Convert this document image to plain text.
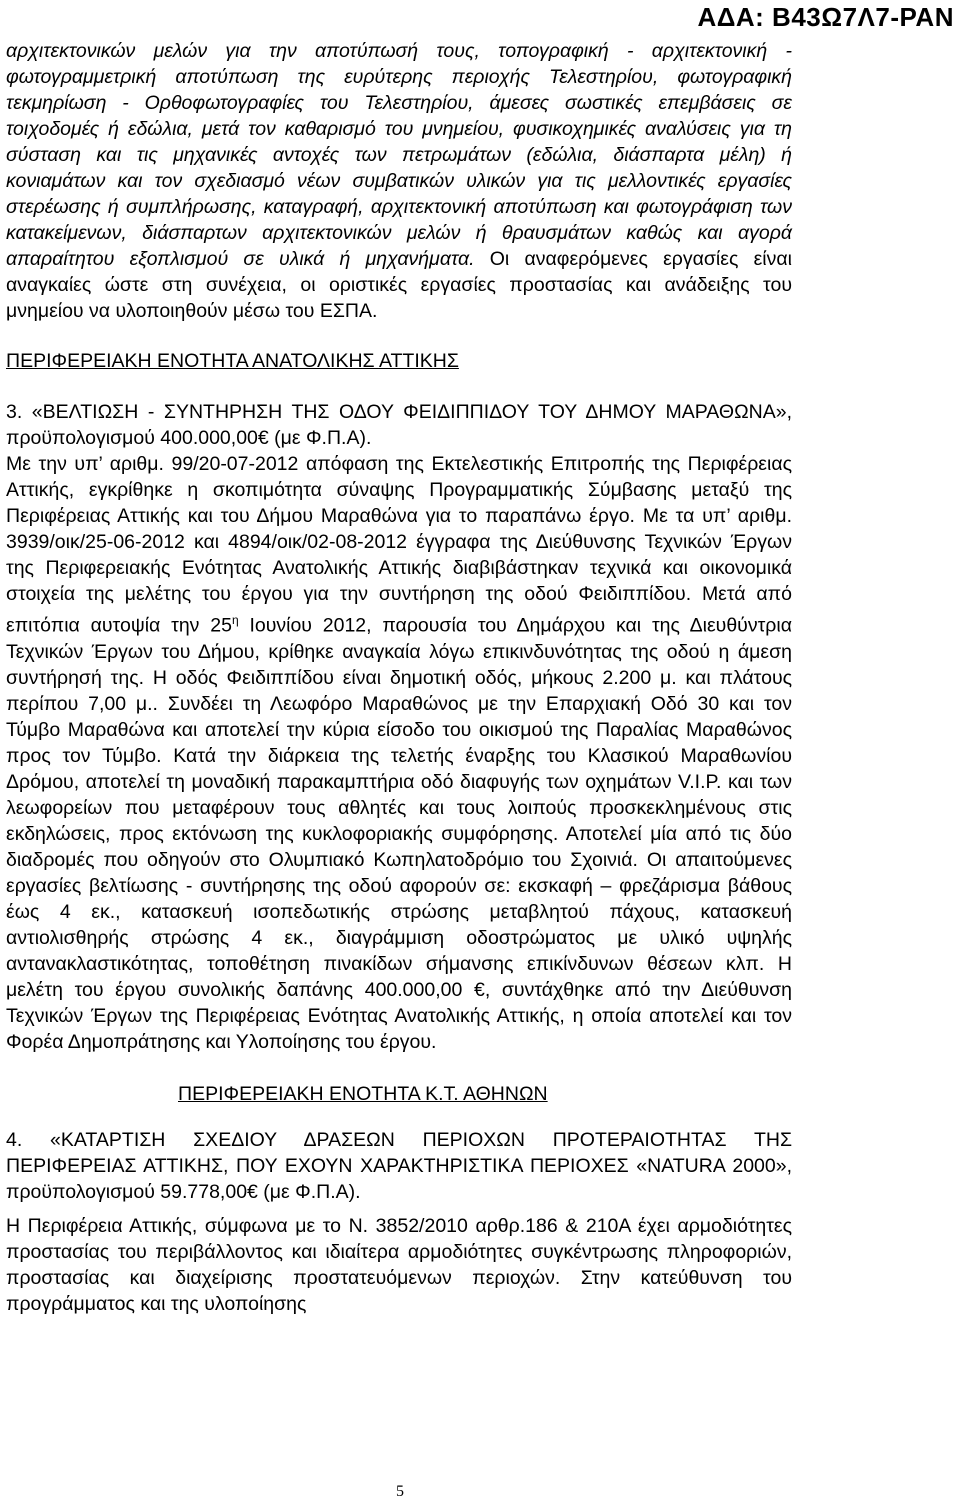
ΑΔΑ: Β43Ω7Λ7-ΡΑΝ

αρχιτεκτονικών μελών για την αποτύπωσή τους, τοπογραφική - αρχιτεκτονική - φωτογραμμετρική αποτύπωση της ευρύτερης περιοχής Τελεστηρίου, φωτογραφική τεκμηρίωση - Ορθοφωτογραφίες του Τελεστηρίου, άμεσες σωστικές επεμβάσεις σε τοιχοδομές ή εδώλια, μετά τον καθαρισμό του μνημείου, φυσικοχημικές αναλύσεις για τη σύσταση και τις μηχανικές αντοχές των πετρωμάτων (εδώλια, διάσπαρτα μέλη) ή κονιαμάτων και τον σχεδιασμό νέων συμβατικών υλικών για τις μελλοντικές εργασίες στερέωσης ή συμπλήρωσης, καταγραφή, αρχιτεκτονική αποτύπωση και φωτογράφιση των κατακείμενων, διάσπαρτων αρχιτεκτονικών μελών ή θραυσμάτων καθώς και αγορά απαραίτητου εξοπλισμού σε υλικά ή μηχανήματα. Οι αναφερόμενες εργασίες είναι αναγκαίες ώστε στη συνέχεια, οι οριστικές εργασίες προστασίας και ανάδειξης του μνημείου να υλοποιηθούν μέσω του ΕΣΠΑ.

ΠΕΡΙΦΕΡΕΙΑΚΗ ΕΝΟΤΗΤΑ ΑΝΑΤΟΛΙΚΗΣ ΑΤΤΙΚΗΣ

3. «ΒΕΛΤΙΩΣΗ - ΣΥΝΤΗΡΗΣΗ ΤΗΣ ΟΔΟΥ ΦΕΙΔΙΠΠΙΔΟΥ ΤΟΥ ΔΗΜΟΥ ΜΑΡΑΘΩΝΑ», προϋπολογισμού 400.000,00€ (με Φ.Π.Α).

Με την υπ’ αριθμ. 99/20-07-2012 απόφαση της Εκτελεστικής Επιτροπής της Περιφέρειας Αττικής, εγκρίθηκε η σκοπιμότητα σύναψης Προγραμματικής Σύμβασης μεταξύ της Περιφέρειας Αττικής και του Δήμου Μαραθώνα για το παραπάνω έργο. Με τα υπ’ αριθμ. 3939/οικ/25-06-2012 και 4894/οικ/02-08-2012 έγγραφα της Διεύθυνσης Τεχνικών Έργων της Περιφερειακής Ενότητας Ανατολικής Αττικής διαβιβάστηκαν τεχνικά και οικονομικά στοιχεία της μελέτης του έργου για την συντήρηση της οδού Φειδιππίδου. Μετά από επιτόπια αυτοψία την $25^\eta$ Ιουνίου 2012, παρουσία του Δημάρχου και της Διευθύντρια Τεχνικών Έργων του Δήμου, κρίθηκε αναγκαία λόγω επικινδυνότητας της οδού η άμεση συντήρησή της. Η οδός Φειδιππίδου είναι δημοτική οδός, μήκους 2.200 μ. και πλάτους περίπου 7,00 μ.. Συνδέει τη Λεωφόρο Μαραθώνος με την Επαρχιακή Οδό 30 και τον Τύμβο Μαραθώνα και αποτελεί την κύρια είσοδο του οικισμού της Παραλίας Μαραθώνος προς τον Τύμβο. Κατά την διάρκεια της τελετής έναρξης του Κλασικού Μαραθωνίου Δρόμου, αποτελεί τη μοναδική παρακαμπτήρια οδό διαφυγής των οχημάτων V.I.P. και των λεωφορείων που μεταφέρουν τους αθλητές και τους λοιπούς προσκεκλημένους στις εκδηλώσεις, προς εκτόνωση της κυκλοφοριακής συμφόρησης. Αποτελεί μία από τις δύο διαδρομές που οδηγούν στο Ολυμπιακό Κωπηλατοδρόμιο του Σχοινιά. Οι απαιτούμενες εργασίες βελτίωσης - συντήρησης της οδού αφορούν σε: εκσκαφή – φρεζάρισμα βάθους έως 4 εκ., κατασκευή ισοπεδωτικής στρώσης μεταβλητού πάχους, κατασκευή αντιολισθηρής στρώσης 4 εκ., διαγράμμιση οδοστρώματος με υλικό υψηλής αντανακλαστικότητας, τοποθέτηση πινακίδων σήμανσης επικίνδυνων θέσεων κλπ. Η μελέτη του έργου συνολικής δαπάνης 400.000,00 €, συντάχθηκε από την Διεύθυνση Τεχνικών Έργων της Περιφέρειας Ενότητας Ανατολικής Αττικής, η οποία αποτελεί και τον Φορέα Δημοπράτησης και Υλοποίησης του έργου.

ΠΕΡΙΦΕΡΕΙΑΚΗ ΕΝΟΤΗΤΑ Κ.Τ. ΑΘΗΝΩΝ

4. «ΚΑΤΑΡΤΙΣΗ ΣΧΕΔΙΟΥ ΔΡΑΣΕΩΝ ΠΕΡΙΟΧΩΝ ΠΡΟΤΕΡΑΙΟΤΗΤΑΣ ΤΗΣ ΠΕΡΙΦΕΡΕΙΑΣ ΑΤΤΙΚΗΣ, ΠΟΥ ΕΧΟΥΝ ΧΑΡΑΚΤΗΡΙΣΤΙΚΑ ΠΕΡΙΟΧΕΣ «NATURA 2000», προϋπολογισμού 59.778,00€ (με Φ.Π.Α).

Η Περιφέρεια Αττικής, σύμφωνα με το Ν. 3852/2010 αρθρ.186 & 210Α έχει αρμοδιότητες προστασίας του περιβάλλοντος και ιδιαίτερα αρμοδιότητες συγκέντρωσης πληροφοριών, προστασίας και διαχείρισης προστατευόμενων περιοχών. Στην κατεύθυνση του προγράμματος και της υλοποίησης

5
